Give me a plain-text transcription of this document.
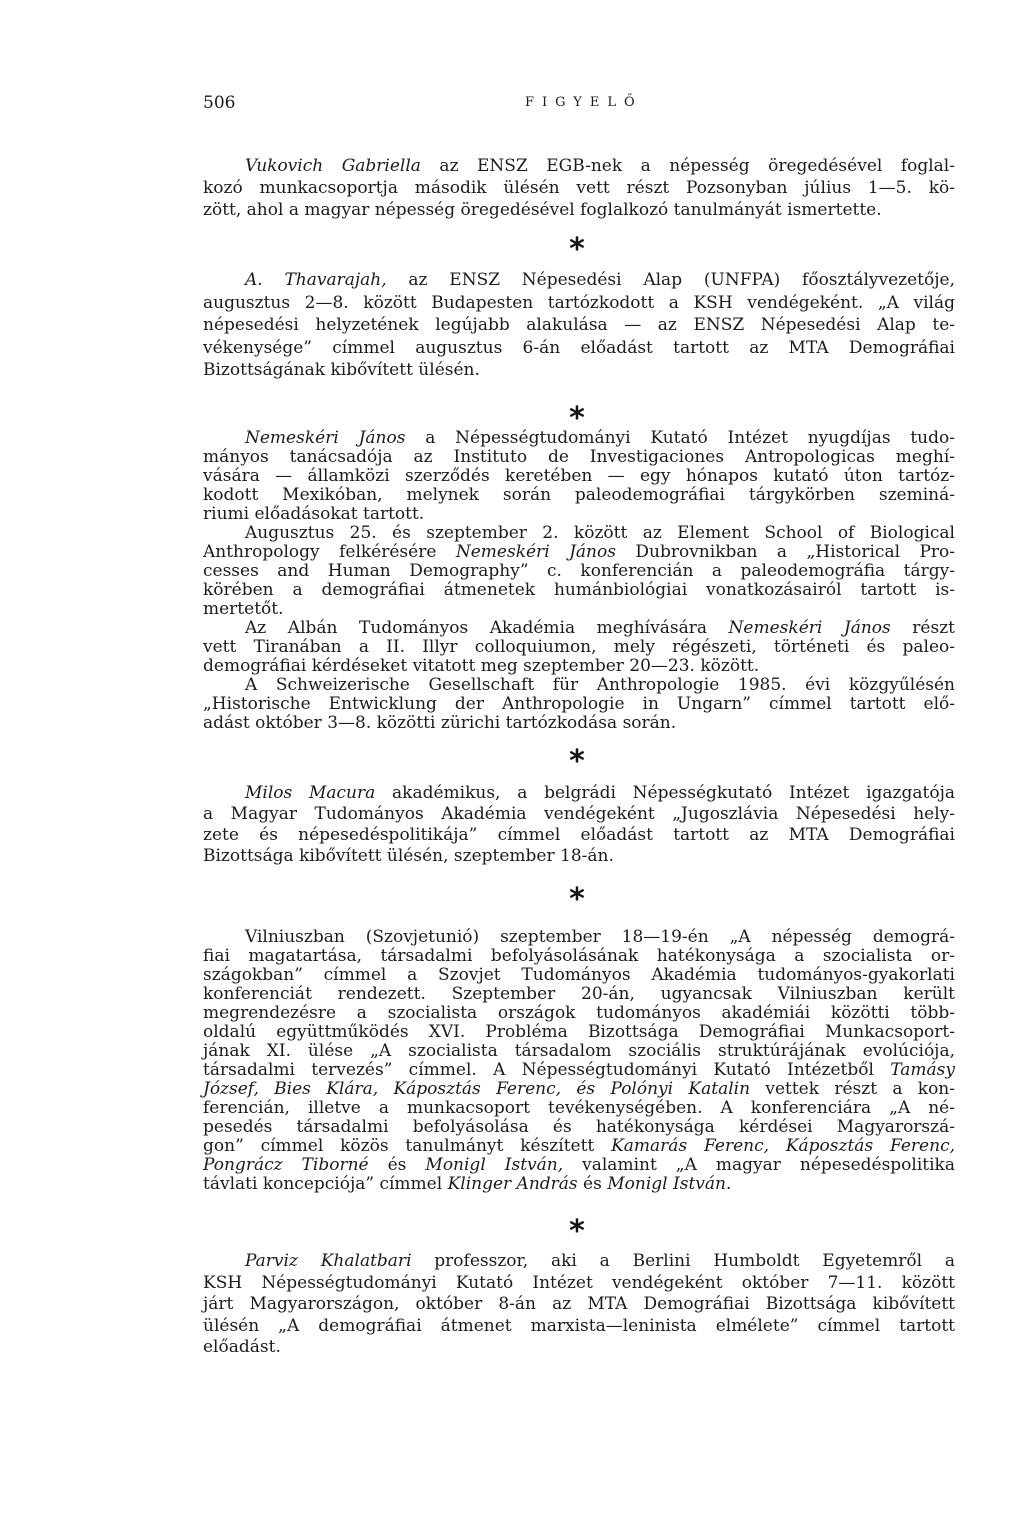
506	FIGYELŐ
Vukovich Gabriella az ENSZ EGB-nek a népesség öregedésével foglal-
kozó munkacsoportja második ülésén vett részt Pozsonyban július 1—5. kö-
zött, ahol a magyar népesség öregedésével foglalkozó tanulmányát ismertette.
*
A. Thavarajah, az ENSZ Népesedési Alap (UNFPA) főosztályvezetője,
augusztus 2—8. között Budapesten tartózkodott a KSH vendégeként. „A világ
népesedési helyzetének legújabb alakulása — az ENSZ Népesedési Alap te-
vékenysége” címmel augusztus 6-án előadást tartott az MTA Demográfiai
Bizottságának kibővített ülésén.
*
Nemeskéri János a Népességtudományi Kutató Intézet nyugdíjas tudo-
mányos tanácsadója az Instituto de Investigaciones Antropologicas meghí-
vására — államközi szerződés keretében — egy hónapos kutató úton tartóz-
kodott Mexikóban, melynek során paleodemográfiai tárgykörben szeminá-
riumi előadásokat tartott.
Augusztus 25. és szeptember 2. között az Element School of Biological
Anthropology felkérésére Nemeskéri János Dubrovnikban a „Historical Pro-
cesses and Human Demography” c. konferencián a paleodemográfia tárgy-
körében a demográfiai átmenetek humánbiológiai vonatkozásairól tartott is-
mertetőt.
Az Albán Tudományos Akadémia meghívására Nemeskéri János részt
vett Tiranában a II. Illyr colloquiumon, mely régészeti, történeti és paleo-
demográfiai kérdéseket vitatott meg szeptember 20—23. között.
A Schweizerische Gesellschaft für Anthropologie 1985. évi közgyűlésén
„Historische Entwicklung der Anthropologie in Ungarn” címmel tartott elő-
adást október 3—8. közötti zürichi tartózkodása során.
*
Milos Macura akadémikus, a belgrádi Népességkutató Intézet igazgatója
a Magyar Tudományos Akadémia vendégeként „Jugoszlávia Népesedési hely-
zete és népesedéspolitikája” címmel előadást tartott az MTA Demográfiai
Bizottsága kibővített ülésén, szeptember 18-án.
*
Vilniuszban (Szovjetunió) szeptember 18—19-én „A népesség demográ-
fiai magatartása, társadalmi befolyásolásának hatékonysága a szocialista or-
szágokban” címmel a Szovjet Tudományos Akadémia tudományos-gyakorlati
konferenciát rendezett. Szeptember 20-án, ugyancsak Vilniuszban került
megrendezésre a szocialista országok tudományos akadémiái közötti több-
oldalú együttműködés XVI. Probléma Bizottsága Demográfiai Munkacsoport-
jának XI. ülése „A szocialista társadalom szociális struktúrájának evolúciója,
társadalmi tervezés” címmel. A Népességtudományi Kutató Intézetből Tamásy
József, Bies Klára, Káposztás Ferenc, és Polónyi Katalin vettek részt a kon-
ferencián, illetve a munkacsoport tevékenységében. A konferenciára „A né-
pesedés társadalmi befolyásolása és hatékonysága kérdései Magyarorszá-
gon” címmel közös tanulmányt készített Kamarás Ferenc, Káposztás Ferenc,
Pongrácz Tiborné és Monigl István, valamint „A magyar népesedéspolitika
távlati koncepciója” címmel Klinger András és Monigl István.
*
Parviz Khalatbari professzor, aki a Berlini Humboldt Egyetemről a
KSH Népességtudományi Kutató Intézet vendégeként október 7—11. között
járt Magyarországon, október 8-án az MTA Demográfiai Bizottsága kibővített
ülésén „A demográfiai átmenet marxista—leninista elmélete” címmel tartott
előadást.
